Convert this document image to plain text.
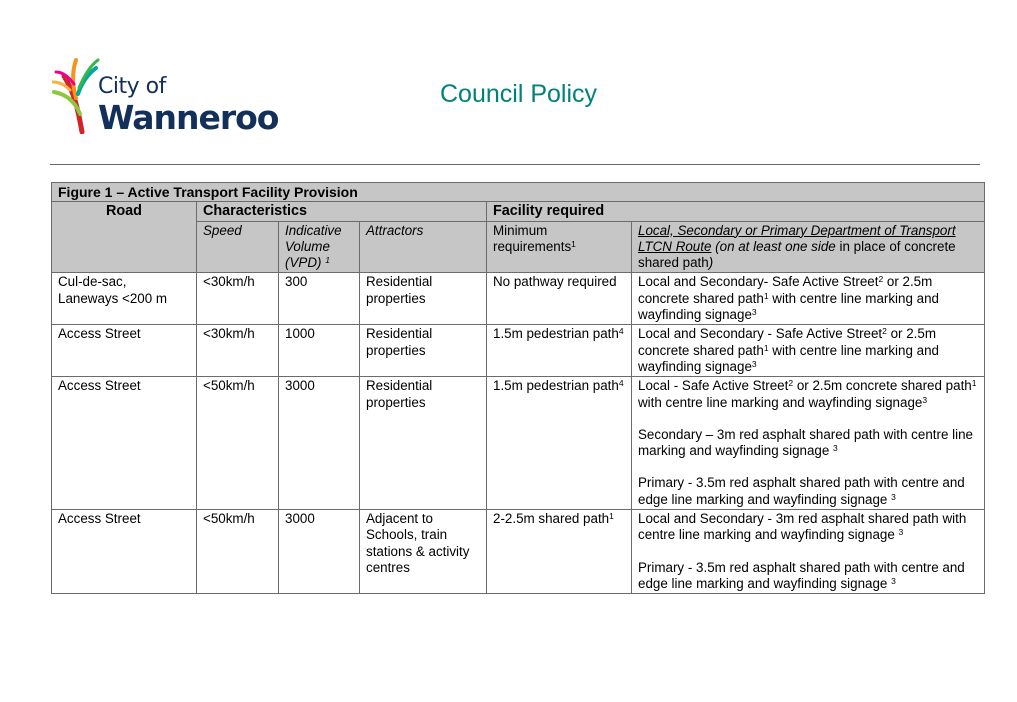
City of
Wanneroo
Council Policy
Figure 1 – Active Transport Facility Provision					
Road	Characteristics			Facility required	
	Speed	Indicative Volume (VPD) $^1$	Attractors	Minimum requirements$^1$	Local, Secondary or Primary Department of Transport LTCN Route (on at least one side in place of concrete shared path)
Cul-de-sac, Laneways <200 m	<30km/h	300	Residential properties	No pathway required	Local and Secondary- Safe Active Street$^2$ or 2.5m concrete shared path$^1$ with centre line marking and wayfinding signage$^3$
Access Street	<30km/h	1000	Residential properties	1.5m pedestrian path$^4$	Local and Secondary - Safe Active Street$^2$ or 2.5m concrete shared path$^1$ with centre line marking and wayfinding signage$^3$
Access Street	<50km/h	3000	Residential properties	1.5m pedestrian path$^4$	Local - Safe Active Street$^2$ or 2.5m concrete shared path$^1$ with centre line marking and wayfinding signage$^3$

Secondary – 3m red asphalt shared path with centre line marking and wayfinding signage $^3$

Primary - 3.5m red asphalt shared path with centre and edge line marking and wayfinding signage $^3$

Access Street	<50km/h	3000	Adjacent to Schools, train stations & activity centres	2-2.5m shared path$^1$	Local and Secondary - 3m red asphalt shared path with centre line marking and wayfinding signage $^3$

Primary - 3.5m red asphalt shared path with centre and edge line marking and wayfinding signage $^3$
